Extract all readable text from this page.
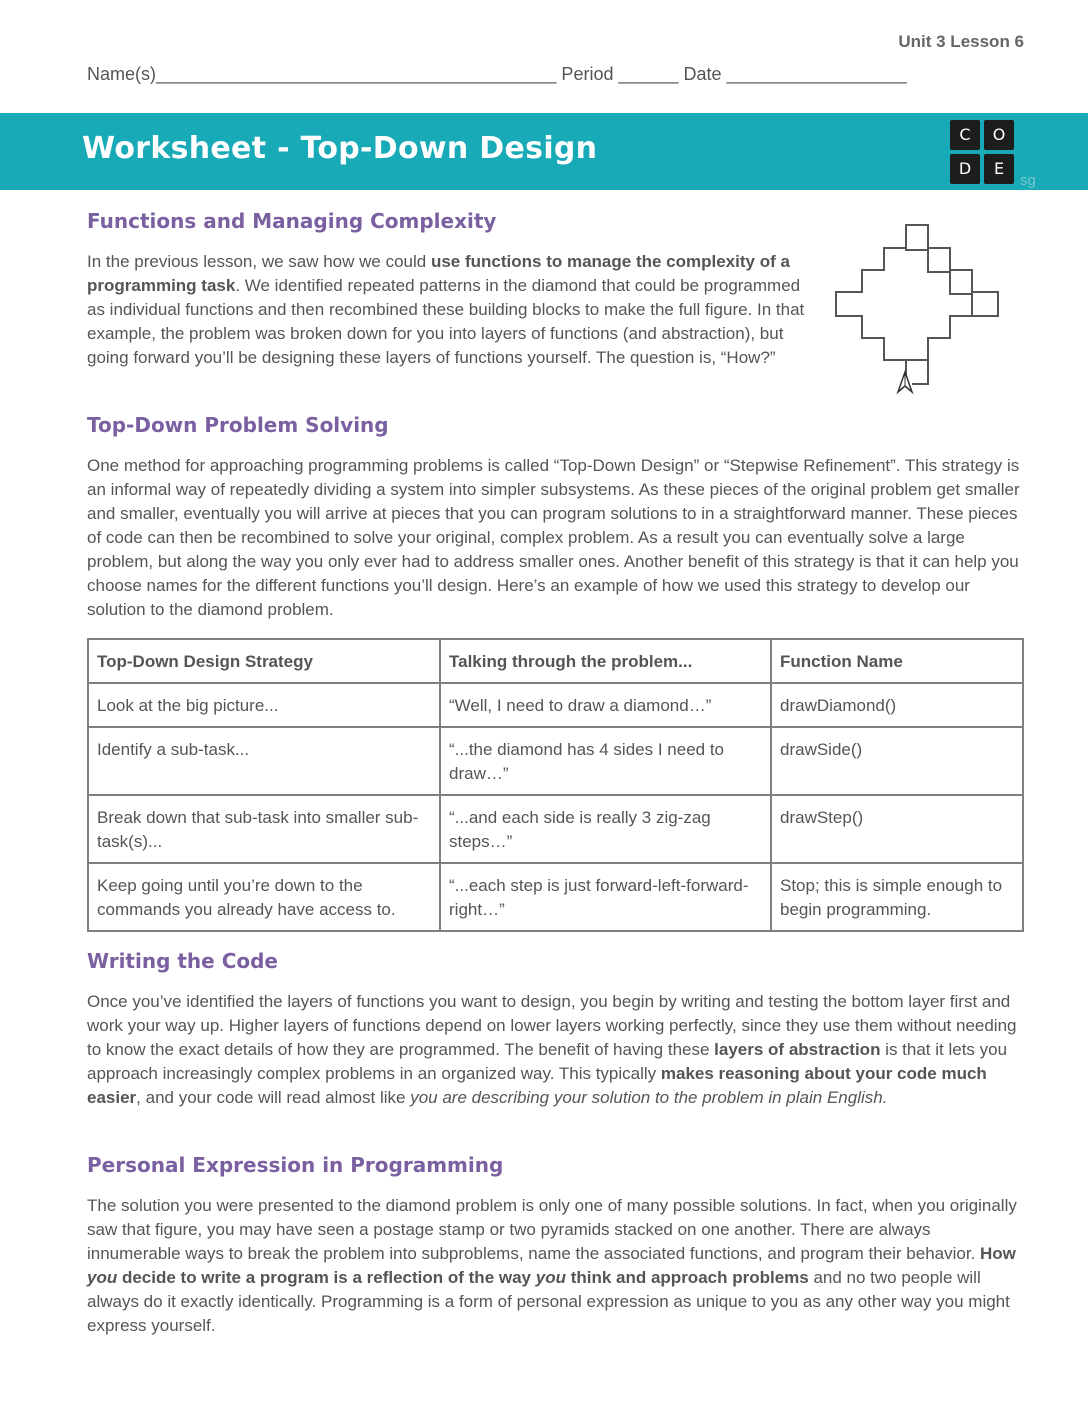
Unit 3 Lesson 6
Name(s)________________________________________ Period ______ Date __________________
Worksheet - Top-Down Design	C	O
D	E
sg
Functions and Managing Complexity

In the previous lesson, we saw how we could use functions to manage the complexity of a programming task. We identified repeated patterns in the diamond that could be programmed as individual functions and then recombined these building blocks to make the full figure. In that example, the problem was broken down for you into layers of functions (and abstraction), but going forward you’ll be designing these layers of functions yourself. The question is, “How?”

Top-Down Problem Solving

One method for approaching programming problems is called “Top-Down Design” or “Stepwise Refinement”. This strategy is an informal way of repeatedly dividing a system into simpler subsystems. As these pieces of the original problem get smaller and smaller, eventually you will arrive at pieces that you can program solutions to in a straightforward manner. These pieces of code can then be recombined to solve your original, complex problem. As a result you can eventually solve a large problem, but along the way you only ever had to address smaller ones. Another benefit of this strategy is that it can help you choose names for the different functions you’ll design. Here’s an example of how we used this strategy to develop our solution to the diamond problem.

Top-Down Design Strategy	Talking through the problem...	Function Name
Look at the big picture...	“Well, I need to draw a diamond…”	drawDiamond()
Identify a sub-task...	“...the diamond has 4 sides I need to draw…”	drawSide()
Break down that sub-task into smaller sub-task(s)...	“...and each side is really 3 zig-zag steps…”	drawStep()
Keep going until you’re down to the commands you already have access to.	“...each step is just forward-left-forward-right…”	Stop; this is simple enough to begin programming.
Writing the Code

Once you’ve identified the layers of functions you want to design, you begin by writing and testing the bottom layer first and work your way up. Higher layers of functions depend on lower layers working perfectly, since they use them without needing to know the exact details of how they are programmed. The benefit of having these layers of abstraction is that it lets you approach increasingly complex problems in an organized way. This typically makes reasoning about your code much easier, and your code will read almost like you are describing your solution to the problem in plain English.

Personal Expression in Programming

The solution you were presented to the diamond problem is only one of many possible solutions. In fact, when you originally saw that figure, you may have seen a postage stamp or two pyramids stacked on one another. There are always innumerable ways to break the problem into subproblems, name the associated functions, and program their behavior. How you decide to write a program is a reflection of the way you think and approach problems and no two people will always do it exactly identically. Programming is a form of personal expression as unique to you as any other way you might express yourself.
